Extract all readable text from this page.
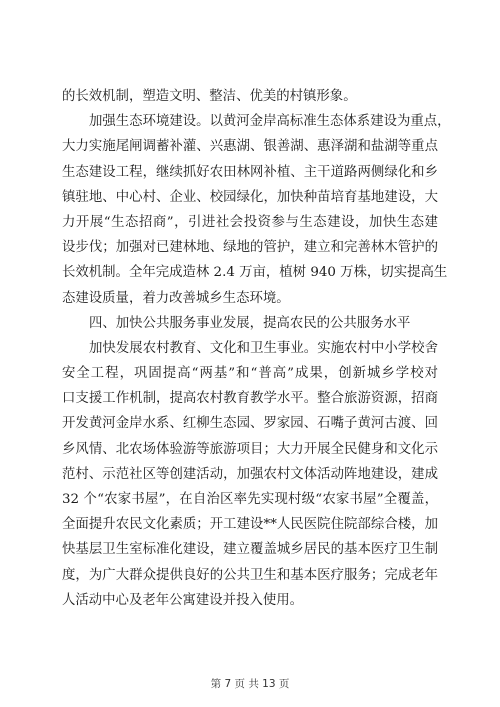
的长效机制，塑造文明、整洁、优美的村镇形象。
加强生态环境建设。以黄河金岸高标准生态体系建设为重点，
大力实施尾闸调蓄补灌、兴惠湖、银善湖、惠泽湖和盐湖等重点
生态建设工程，继续抓好农田林网补植、主干道路两侧绿化和乡
镇驻地、中心村、企业、校园绿化，加快种苗培育基地建设，大
力开展“生态招商”，引进社会投资参与生态建设，加快生态建
设步伐；加强对已建林地、绿地的管护，建立和完善林木管护的
长效机制。全年完成造林 2.4 万亩，植树 940 万株，切实提高生
态建设质量，着力改善城乡生态环境。
四、加快公共服务事业发展，提高农民的公共服务水平
加快发展农村教育、文化和卫生事业。实施农村中小学校舍
安全工程，巩固提高“两基”和“普高”成果，创新城乡学校对
口支援工作机制，提高农村教育教学水平。整合旅游资源，招商
开发黄河金岸水系、红柳生态园、罗家园、石嘴子黄河古渡、回
乡风情、北农场体验游等旅游项目；大力开展全民健身和文化示
范村、示范社区等创建活动，加强农村文体活动阵地建设，建成
32 个“农家书屋”，在自治区率先实现村级“农家书屋”全覆盖，
全面提升农民文化素质；开工建设**人民医院住院部综合楼，加
快基层卫生室标准化建设，建立覆盖城乡居民的基本医疗卫生制
度，为广大群众提供良好的公共卫生和基本医疗服务；完成老年
人活动中心及老年公寓建设并投入使用。
第 7 页 共 13 页
